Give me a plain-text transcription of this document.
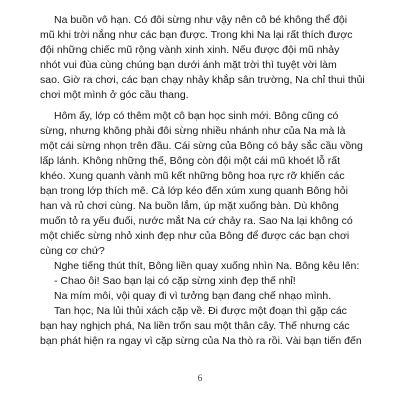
Na buồn vô hạn. Có đôi sừng như vậy nên cô bé không thể đội

mũ khi trời nắng như các bạn được. Trong khi Na lại rất thích được
đội những chiếc mũ rộng vành xinh xinh. Nếu được đội mũ nhảy
nhót vui đùa cùng chúng bạn dưới ánh mặt trời thì tuyệt vời làm
sao. Giờ ra chơi, các bạn chạy nhảy khắp sân trường, Na chỉ thui thủi
chơi một mình ở góc cầu thang.

Hôm ấy, lớp có thêm một cô bạn học sinh mới. Bông cũng có

sừng, nhưng không phải đôi sừng nhiều nhánh như của Na mà là
một cái sừng nhọn trên đầu. Cái sừng của Bông có bảy sắc cầu vồng
lấp lánh. Không những thế, Bông còn đội một cái mũ khoét lỗ rất
khéo. Xung quanh vành mũ kết những bông hoa rực rỡ khiến các
bạn trong lớp thích mê. Cả lớp kéo đến xúm xung quanh Bông hỏi
han và rủ chơi cùng. Na buồn lắm, úp mặt xuống bàn. Dù không
muốn tỏ ra yếu đuối, nước mắt Na cứ chảy ra. Sao Na lại không có
một chiếc sừng nhỏ xinh đẹp như của Bông để được các bạn chơi
cùng cơ chứ?

Nghe tiếng thút thít, Bông liền quay xuống nhìn Na. Bông kêu lên:

- Chao ôi! Sao bạn lại có cặp sừng xinh đẹp thế nhỉ!

Na mím môi, vội quay đi vì tưởng bạn đang chế nhạo mình.

Tan học, Na lủi thủi xách cặp về. Đi được một đoạn thì gặp các

bạn hay nghịch phá, Na liền trốn sau một thân cây. Thế nhưng các
bạn phát hiện ra ngay vì cặp sừng của Na thò ra rồi. Vài bạn tiến đến

6
